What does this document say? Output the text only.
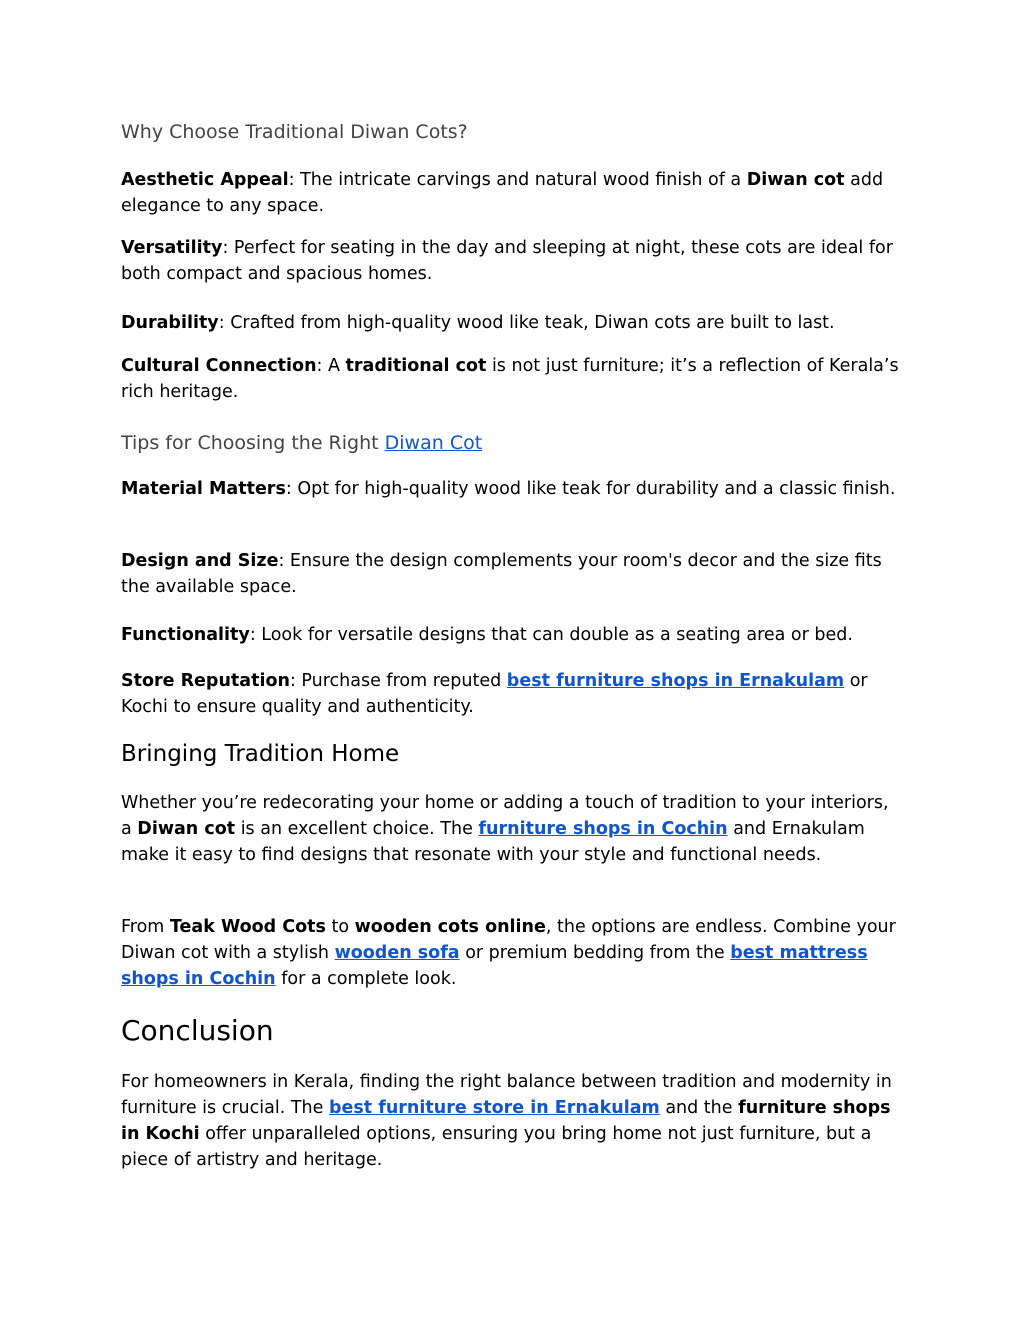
Why Choose Traditional Diwan Cots?

Aesthetic Appeal: The intricate carvings and natural wood finish of a Diwan cot add elegance to any space.

Versatility: Perfect for seating in the day and sleeping at night, these cots are ideal for both compact and spacious homes.

Durability: Crafted from high-quality wood like teak, Diwan cots are built to last.

Cultural Connection: A traditional cot is not just furniture; it’s a reflection of Kerala’s rich heritage.

Tips for Choosing the Right Diwan Cot

Material Matters: Opt for high-quality wood like teak for durability and a classic finish.

Design and Size: Ensure the design complements your room's decor and the size fits the available space.

Functionality: Look for versatile designs that can double as a seating area or bed.

Store Reputation: Purchase from reputed best furniture shops in Ernakulam or Kochi to ensure quality and authenticity.

Bringing Tradition Home

Whether you’re redecorating your home or adding a touch of tradition to your interiors, a Diwan cot is an excellent choice. The furniture shops in Cochin and Ernakulam make it easy to find designs that resonate with your style and functional needs.

From Teak Wood Cots to wooden cots online, the options are endless. Combine your Diwan cot with a stylish wooden sofa or premium bedding from the best mattress shops in Cochin for a complete look.

Conclusion

For homeowners in Kerala, finding the right balance between tradition and modernity in furniture is crucial. The best furniture store in Ernakulam and the furniture shops in Kochi offer unparalleled options, ensuring you bring home not just furniture, but a piece of artistry and heritage.
